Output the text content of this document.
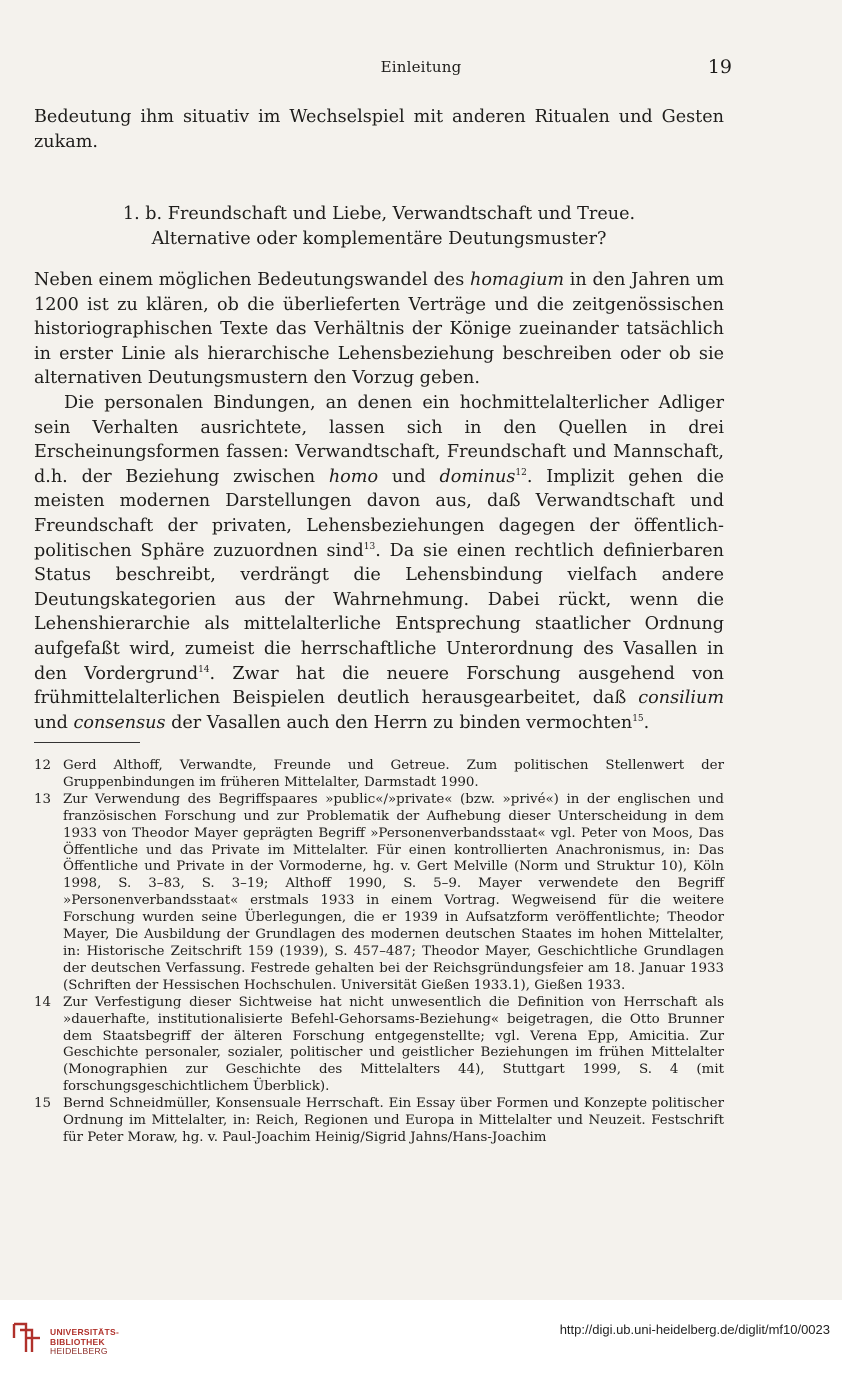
Einleitung	19

Bedeutung ihm situativ im Wechselspiel mit anderen Ritualen und Gesten zukam.

1. b. Freundschaft und Liebe, Verwandtschaft und Treue.
Alternative oder komplementäre Deutungsmuster?

Neben einem möglichen Bedeutungswandel des homagium in den Jahren um 1200 ist zu klären, ob die überlieferten Verträge und die zeitgenössischen historiographischen Texte das Verhältnis der Könige zueinander tatsächlich in erster Linie als hierarchische Lehensbeziehung beschreiben oder ob sie alternativen Deutungsmustern den Vorzug geben.

Die personalen Bindungen, an denen ein hochmittelalterlicher Adliger sein Verhalten ausrichtete, lassen sich in den Quellen in drei Erscheinungsformen fassen: Verwandtschaft, Freundschaft und Mannschaft, d.h. der Beziehung zwischen homo und dominus$^{12}$. Implizit gehen die meisten modernen Darstellungen davon aus, daß Verwandtschaft und Freundschaft der privaten, Lehensbeziehungen dagegen der öffentlich-politischen Sphäre zuzuordnen sind$^{13}$. Da sie einen rechtlich definierbaren Status beschreibt, verdrängt die Lehensbindung vielfach andere Deutungskategorien aus der Wahrnehmung. Dabei rückt, wenn die Lehenshierarchie als mittelalterliche Entsprechung staatlicher Ordnung aufgefaßt wird, zumeist die herrschaftliche Unterordnung des Vasallen in den Vordergrund$^{14}$. Zwar hat die neuere Forschung ausgehend von frühmittelalterlichen Beispielen deutlich herausgearbeitet, daß consilium und consensus der Vasallen auch den Herrn zu binden vermochten$^{15}$.

12 Gerd Althoff, Verwandte, Freunde und Getreue. Zum politischen Stellenwert der Gruppenbindungen im früheren Mittelalter, Darmstadt 1990.

13 Zur Verwendung des Begriffspaares »public«/»private« (bzw. »privé«) in der englischen und französischen Forschung und zur Problematik der Aufhebung dieser Unterscheidung in dem 1933 von Theodor Mayer geprägten Begriff »Personenverbandsstaat« vgl. Peter von Moos, Das Öffentliche und das Private im Mittelalter. Für einen kontrollierten Anachronismus, in: Das Öffentliche und Private in der Vormoderne, hg. v. Gert Melville (Norm und Struktur 10), Köln 1998, S. 3–83, S. 3–19; Althoff 1990, S. 5–9. Mayer verwendete den Begriff »Personenverbandsstaat« erstmals 1933 in einem Vortrag. Wegweisend für die weitere Forschung wurden seine Überlegungen, die er 1939 in Aufsatzform veröffentlichte; Theodor Mayer, Die Ausbildung der Grundlagen des modernen deutschen Staates im hohen Mittelalter, in: Historische Zeitschrift 159 (1939), S. 457–487; Theodor Mayer, Geschichtliche Grundlagen der deutschen Verfassung. Festrede gehalten bei der Reichsgründungsfeier am 18. Januar 1933 (Schriften der Hessischen Hochschulen. Universität Gießen 1933.1), Gießen 1933.

14 Zur Verfestigung dieser Sichtweise hat nicht unwesentlich die Definition von Herrschaft als »dauerhafte, institutionalisierte Befehl-Gehorsams-Beziehung« beigetragen, die Otto Brunner dem Staatsbegriff der älteren Forschung entgegenstellte; vgl. Verena Epp, Amicitia. Zur Geschichte personaler, sozialer, politischer und geistlicher Beziehungen im frühen Mittelalter (Monographien zur Geschichte des Mittelalters 44), Stuttgart 1999, S. 4 (mit forschungsgeschichtlichem Überblick).

15 Bernd Schneidmüller, Konsensuale Herrschaft. Ein Essay über Formen und Konzepte politischer Ordnung im Mittelalter, in: Reich, Regionen und Europa in Mittelalter und Neuzeit. Festschrift für Peter Moraw, hg. v. Paul-Joachim Heinig/Sigrid Jahns/Hans-Joachim

UNIVERSITÄTS-
BIBLIOTHEK
HEIDELBERG
http://digi.ub.uni-heidelberg.de/diglit/mf10/0023
